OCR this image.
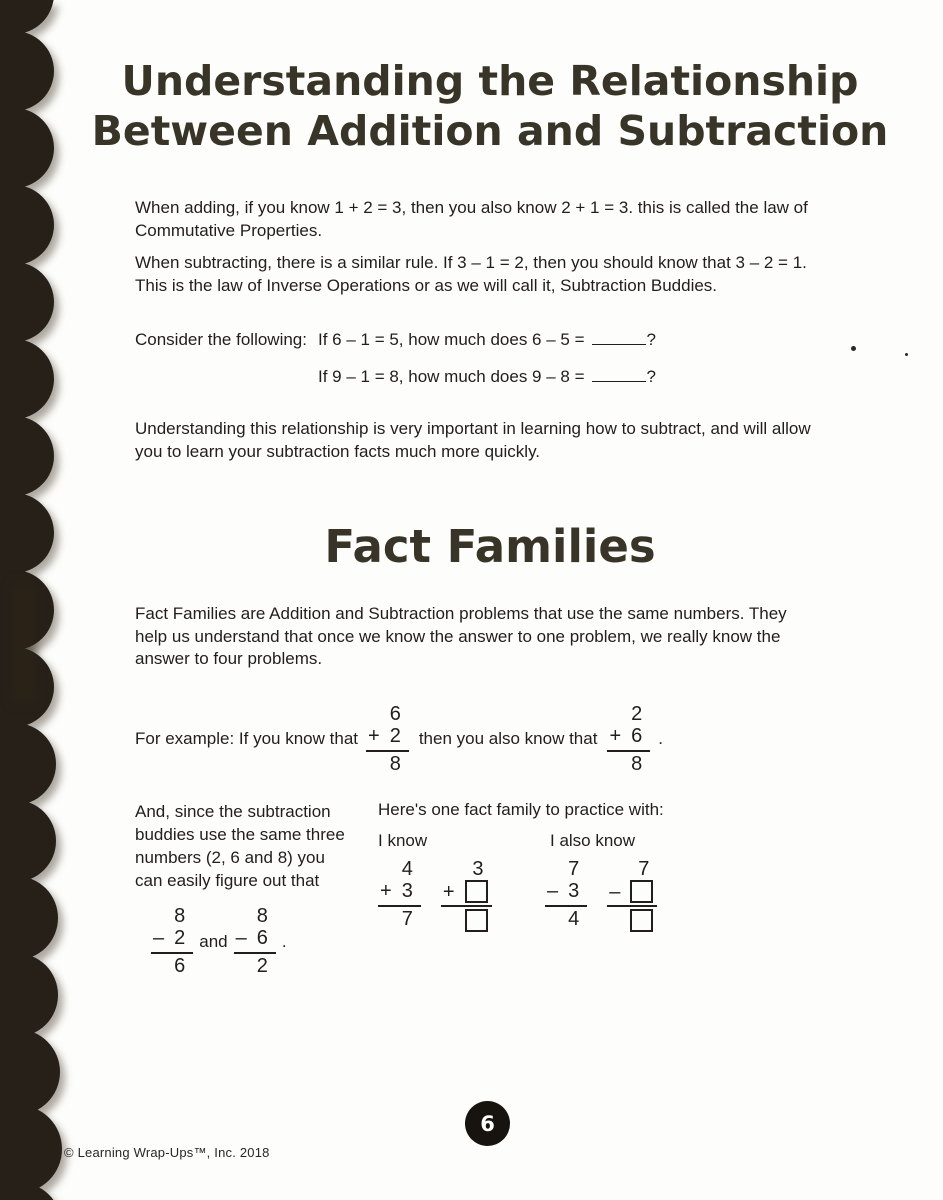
Understanding the Relationship
Between Addition and Subtraction
When adding, if you know 1 + 2 = 3, then you also know 2 + 1 = 3. this is called the law of
Commutative Properties.
When subtracting, there is a similar rule. If 3 – 1 = 2, then you should know that 3 – 2 = 1.
This is the law of Inverse Operations or as we will call it, Subtraction Buddies.
Consider the following: If 6 – 1 = 5, how much does 6 – 5 =	?
If 9 – 1 = 8, how much does 9 – 8 =	?
Understanding this relationship is very important in learning how to subtract, and will allow
you to learn your subtraction facts much more quickly.
Fact Families
Fact Families are Addition and Subtraction problems that use the same numbers. They
help us understand that once we know the answer to one problem, we really know the
answer to four problems.
For example: If you know that
6
+ 2
8
then you also know that
2
+ 6
8
.
And, since the subtraction
buddies use the same three
numbers (2, 6 and 8) you
can easily figure out that
8
– 2
6
and
8
– 6
2
.
Here's one fact family to practice with:
I know	I also know
4
+ 3
7
3
+
7
– 3
4
7
–
6
© Learning Wrap-Ups™, Inc. 2018
